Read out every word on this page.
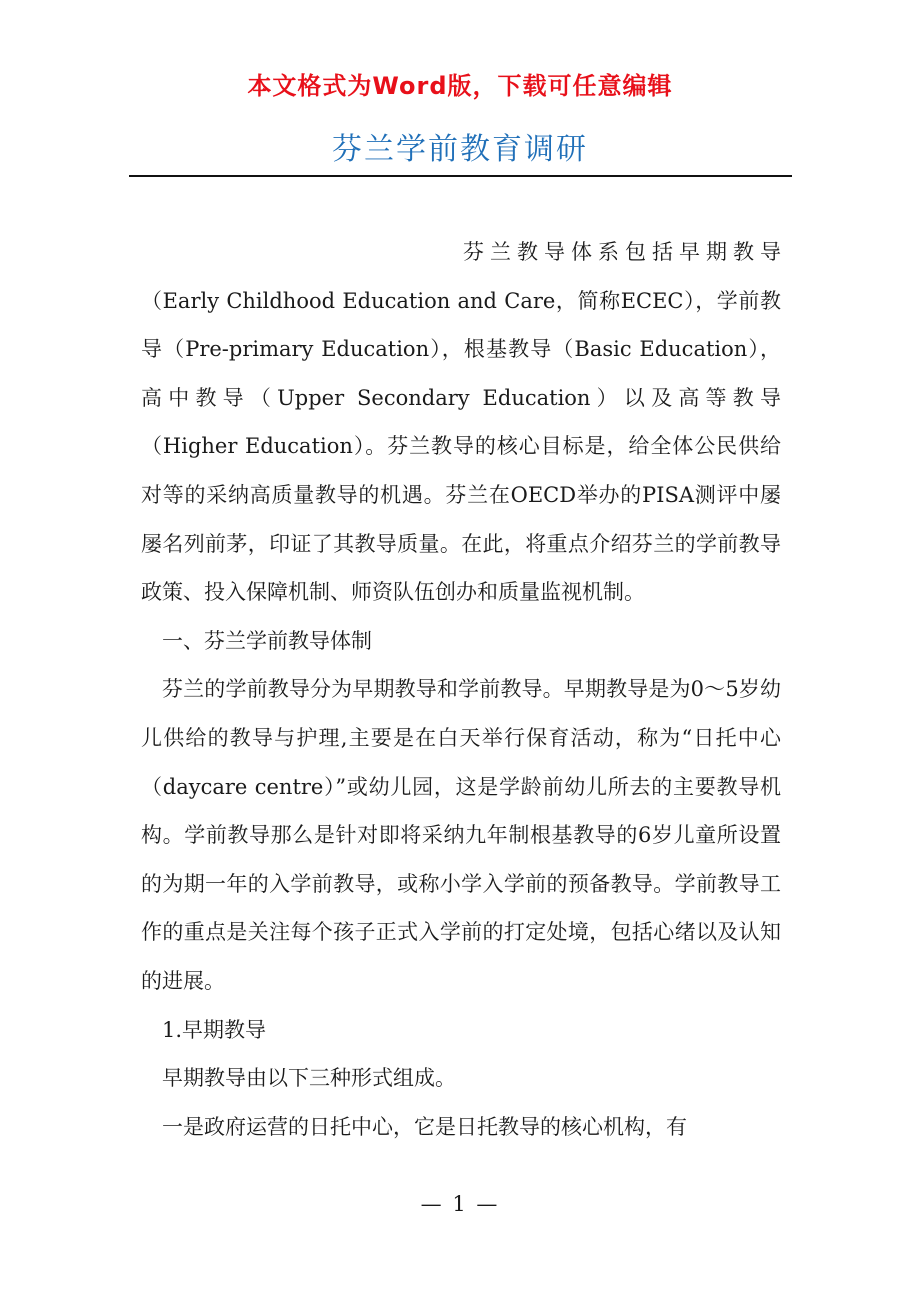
本文格式为Word版，下载可任意编辑
芬兰学前教育调研

芬兰教导体系包括早期教导（Early Childhood Education and Care，简称ECEC），学前教导（Pre-primary Education），根基教导（Basic Education），高中教导（Upper Secondary Education）以及高等教导（Higher Education）。芬兰教导的核心目标是，给全体公民供给对等的采纳高质量教导的机遇。芬兰在OECD举办的PISA测评中屡屡名列前茅，印证了其教导质量。在此，将重点介绍芬兰的学前教导政策、投入保障机制、师资队伍创办和质量监视机制。

一、芬兰学前教导体制

芬兰的学前教导分为早期教导和学前教导。早期教导是为0～5岁幼儿供给的教导与护理,主要是在白天举行保育活动，称为“日托中心（daycare centre）”或幼儿园，这是学龄前幼儿所去的主要教导机构。学前教导那么是针对即将采纳九年制根基教导的6岁儿童所设置的为期一年的入学前教导，或称小学入学前的预备教导。学前教导工作的重点是关注每个孩子正式入学前的打定处境，包括心绪以及认知的进展。

1.早期教导

早期教导由以下三种形式组成。

一是政府运营的日托中心，它是日托教导的核心机构，有

— 1 —
